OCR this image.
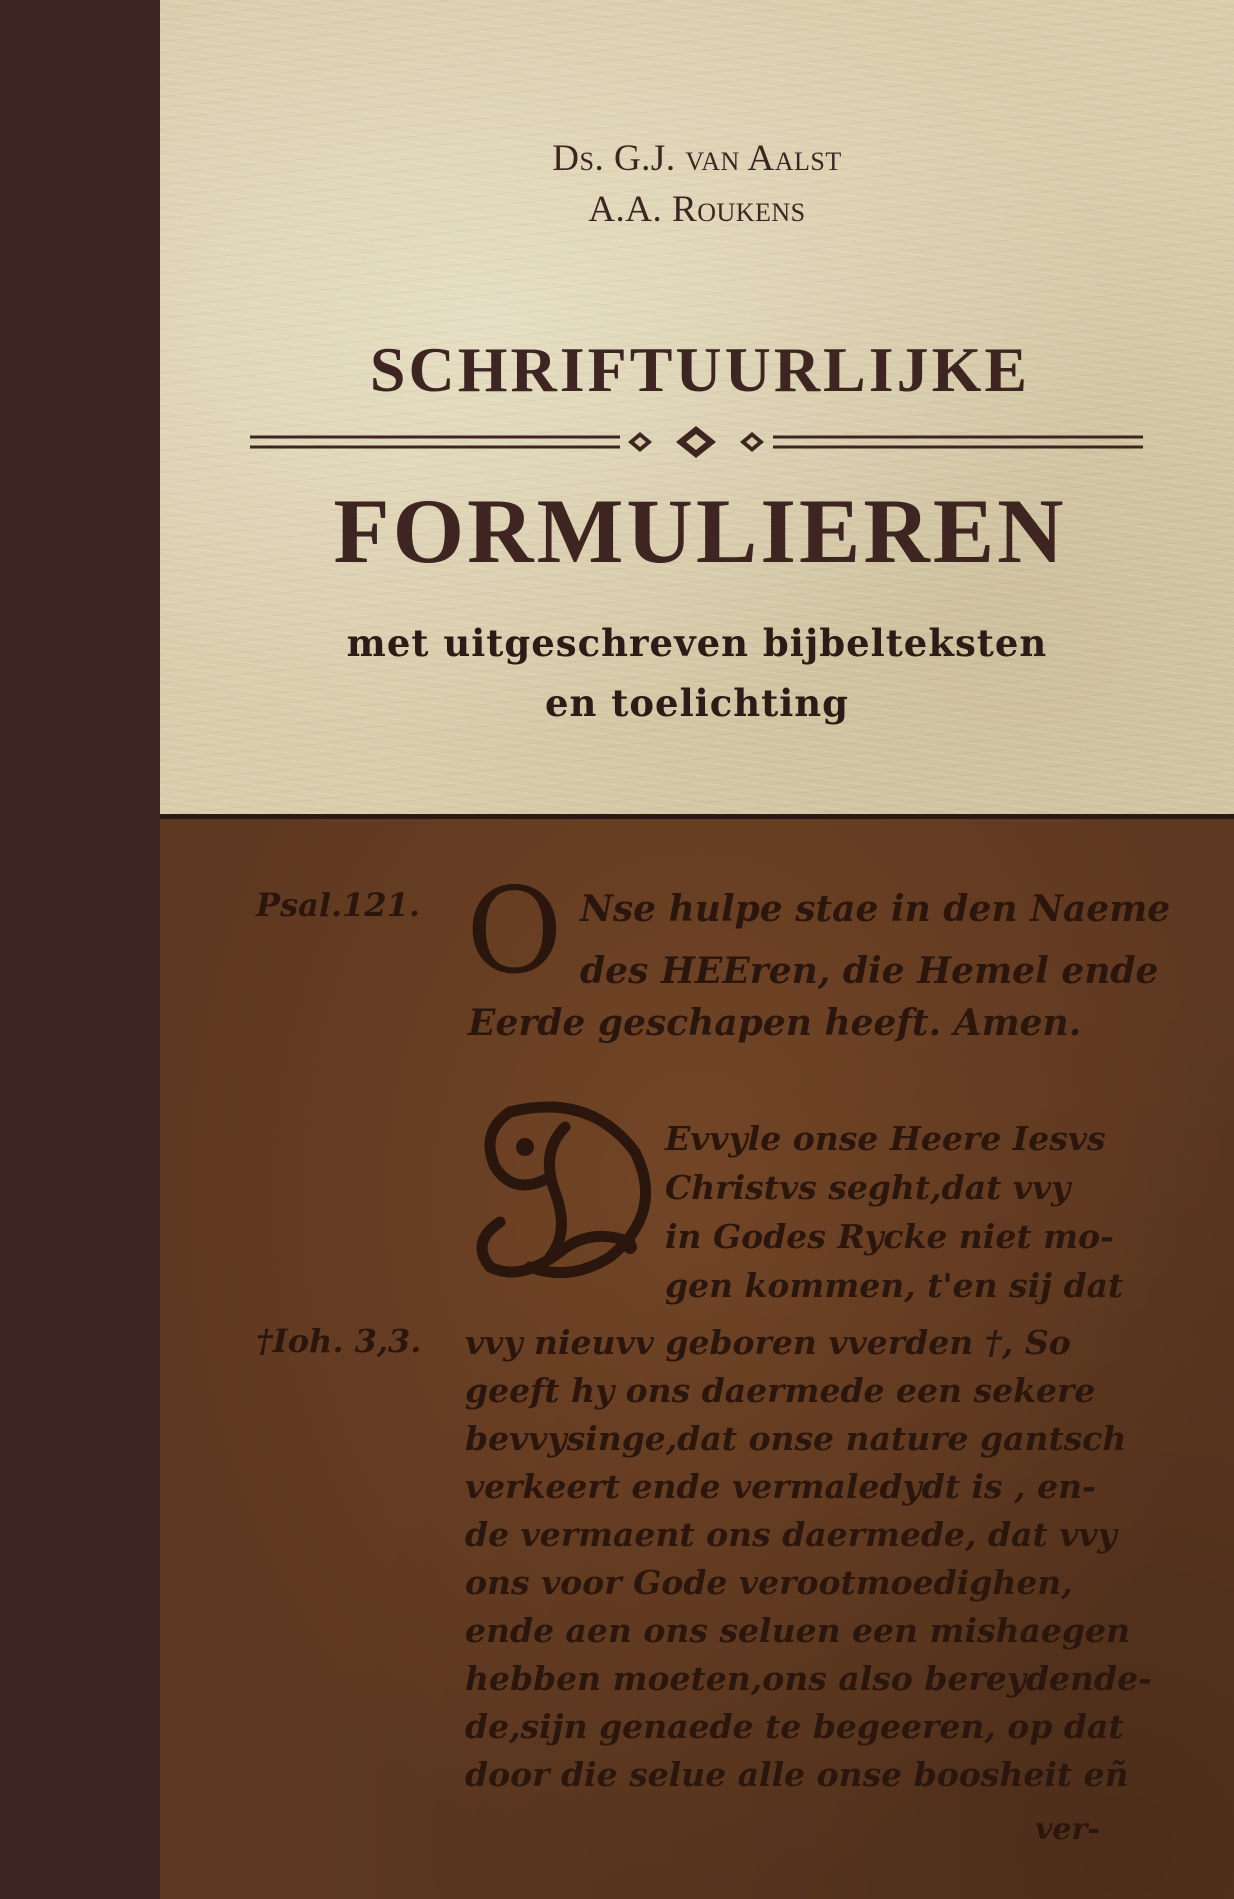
Ds. G.J. van Aalst
A.A. Roukens
SCHRIFTUURLIJKE
FORMULIEREN
met uitgeschreven bijbelteksten
en toelichting
Psal.121.
†Ioh. 3,3.
O Nse hulpe staе in den Naeme
des HEEren, die Hemel ende
Eerde geschapen heeft. Amen.
Evvyle onse Heere Iesvs
Christvs seght,dat vvy
in Godes Rycke niet mo-
gen kommen, t'en sij dat
vvy nieuvv geboren vverden †, So
geeft hy ons daermede een sekere
bevvysinge,dat onse nature gantsch
verkeert ende vermaledydt is , en-
de vermaent ons daermede, dat vvy
ons voor Gode verootmoedighen,
ende aen ons seluen een mishaegen
hebben moeten,ons also bereydende-
de,sijn genaede te begeeren, op dat
door die selue alle onse boosheit eñ
ver-
